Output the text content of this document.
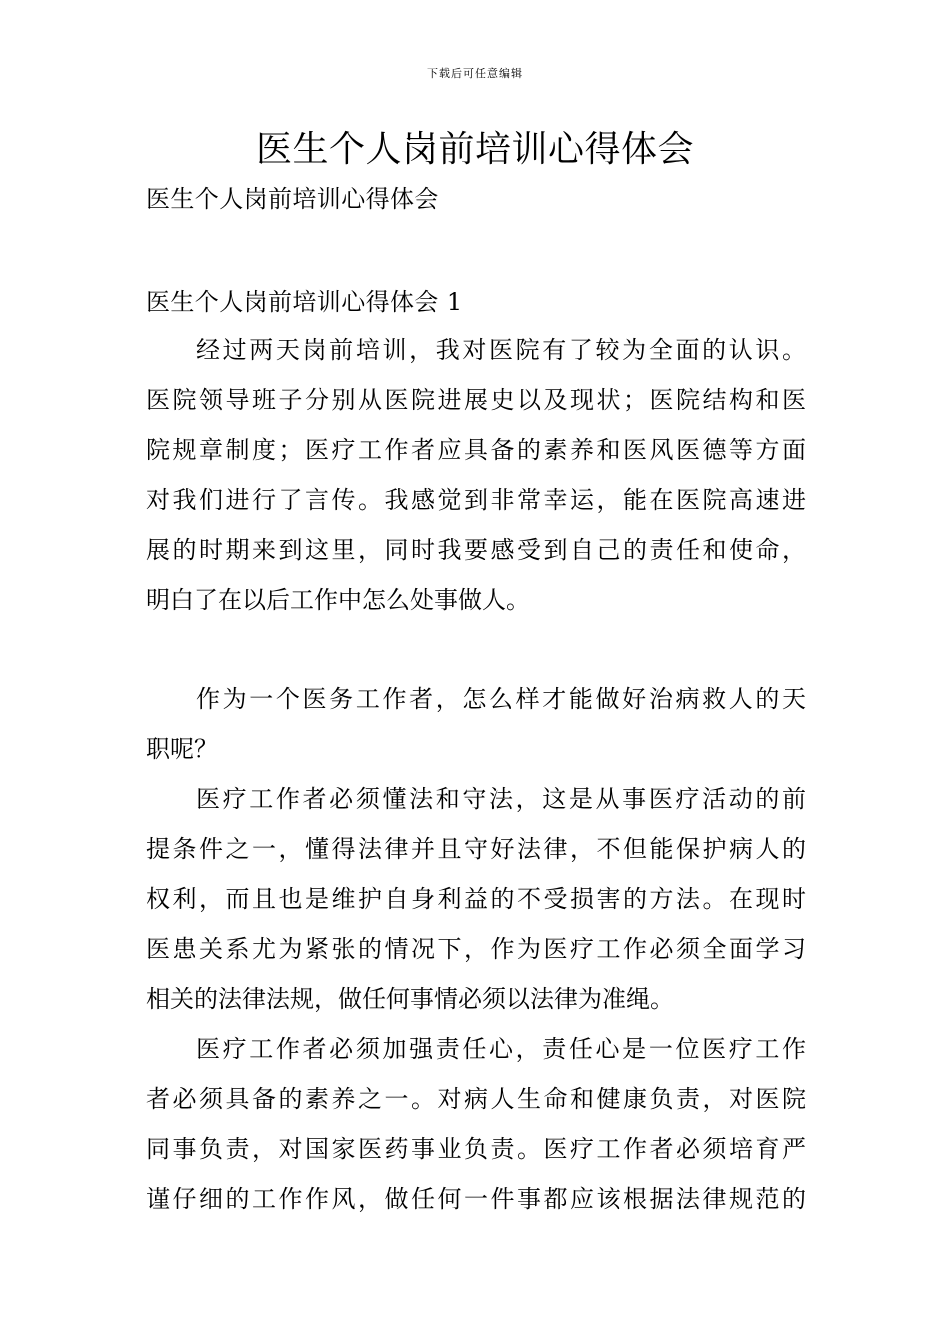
下载后可任意编辑
医生个人岗前培训心得体会
医生个人岗前培训心得体会
医生个人岗前培训心得体会 1
经过两天岗前培训，我对医院有了较为全面的认识。
医院领导班子分别从医院进展史以及现状；医院结构和医
院规章制度；医疗工作者应具备的素养和医风医德等方面
对我们进行了言传。我感觉到非常幸运，能在医院高速进
展的时期来到这里，同时我要感受到自己的责任和使命，
明白了在以后工作中怎么处事做人。
作为一个医务工作者，怎么样才能做好治病救人的天
职呢？
医疗工作者必须懂法和守法，这是从事医疗活动的前
提条件之一，懂得法律并且守好法律，不但能保护病人的
权利，而且也是维护自身利益的不受损害的方法。在现时
医患关系尤为紧张的情况下，作为医疗工作必须全面学习
相关的法律法规，做任何事情必须以法律为准绳。
医疗工作者必须加强责任心，责任心是一位医疗工作
者必须具备的素养之一。对病人生命和健康负责，对医院
同事负责，对国家医药事业负责。医疗工作者必须培育严
谨仔细的工作作风，做任何一件事都应该根据法律规范的
